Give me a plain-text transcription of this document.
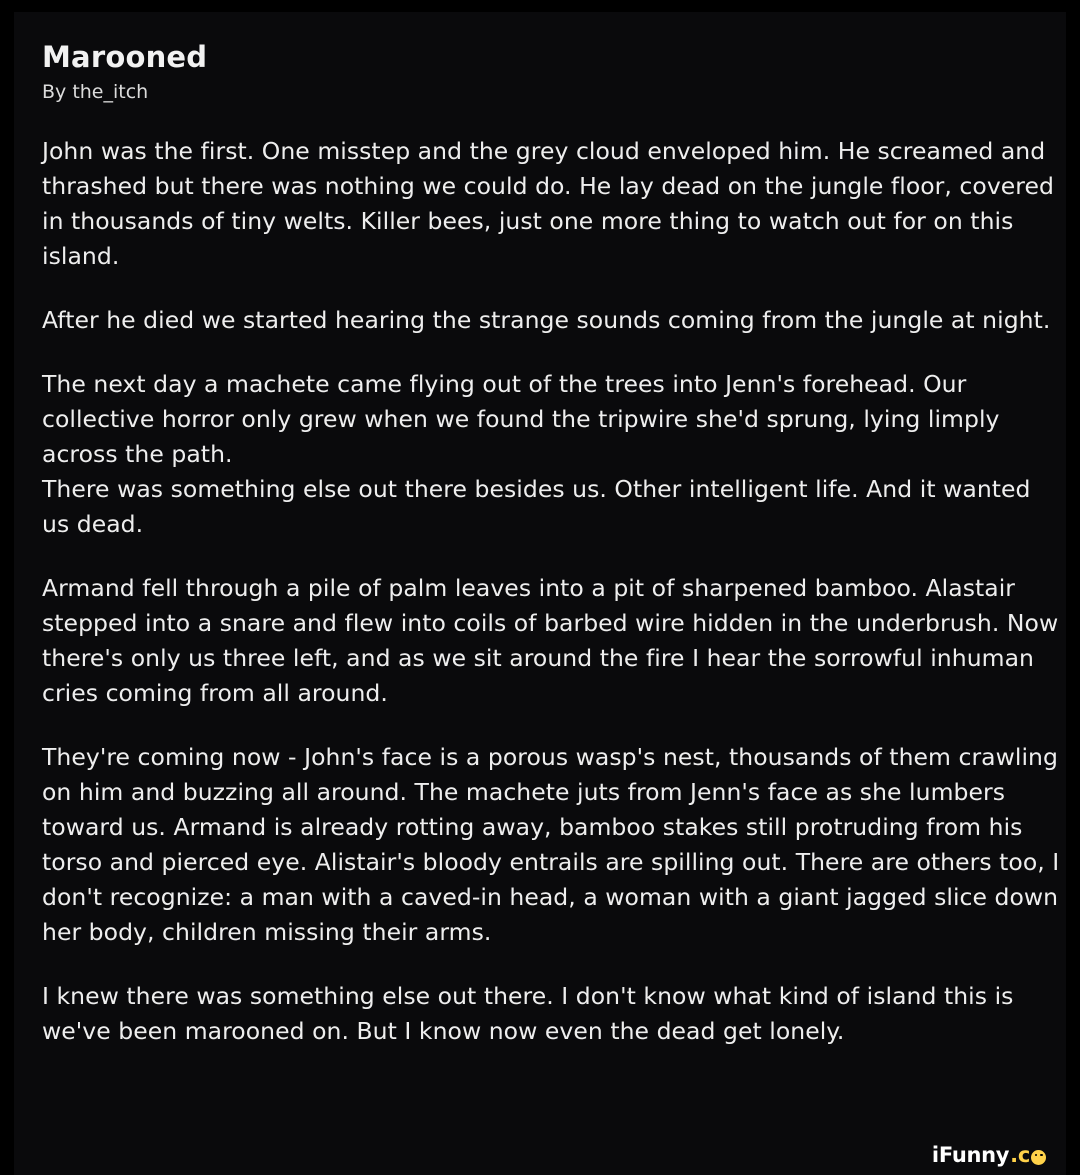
Marooned
By the_itch

John was the first. One misstep and the grey cloud enveloped him. He screamed and thrashed but there was nothing we could do. He lay dead on the jungle floor, covered in thousands of tiny welts. Killer bees, just one more thing to watch out for on this island.

After he died we started hearing the strange sounds coming from the jungle at night.

The next day a machete came flying out of the trees into Jenn's forehead. Our collective horror only grew when we found the tripwire she'd sprung, lying limply across the path.

There was something else out there besides us. Other intelligent life. And it wanted us dead.

Armand fell through a pile of palm leaves into a pit of sharpened bamboo. Alastair stepped into a snare and flew into coils of barbed wire hidden in the underbrush. Now there's only us three left, and as we sit around the fire I hear the sorrowful inhuman cries coming from all around.

They're coming now - John's face is a porous wasp's nest, thousands of them crawling on him and buzzing all around. The machete juts from Jenn's face as she lumbers toward us. Armand is already rotting away, bamboo stakes still protruding from his torso and pierced eye. Alistair's bloody entrails are spilling out. There are others too, I don't recognize: a man with a caved-in head, a woman with a giant jagged slice down her body, children missing their arms.

I knew there was something else out there. I don't know what kind of island this is we've been marooned on. But I know now even the dead get lonely.

i Funny .c
